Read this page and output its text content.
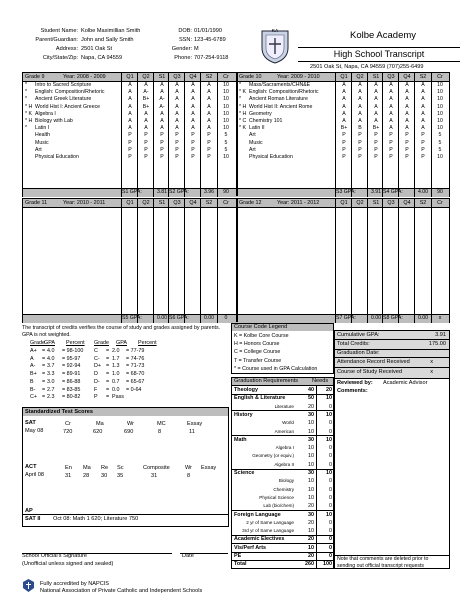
Student Name: Kolbe Maximillian Smith
Parent/Guardian: John and Sally Smith
Address: 2501 Oak St
City/State/Zip: Napa, CA 94559
DOB: 01/01/1990
SSN: 123-45-6789
Gender: M
Phone: 707-254-9118
KA	Kolbe Academy
High School Transcript
2501 Oak St, Napa, CA 94559 (707)255-6499
Grade 9	Year: 2008 - 2009	Q1	Q2	S1	Q3	Q4	S2	Cr
* Intro to Sacred Scripture	A	A	A	A	A	A	10
* English: Composition/Rhetoric	A	A-	A	A	A	A	10
* Ancient Greek Literature	A	B+	A-	A	A	A	10
* H World Hist I: Ancient Greece	A	B+	A-	A	A	A	10
* K Algebra I	A	A	A	A	A	A	10
* H Biology with Lab	A	A	A	A	A	A	10
* Latin I	A	A	A	A	A	A	10
Health	P	P	P	P	P	P	5
Music	P	P	P	P	P	P	5
Art	P	P	P	P	P	P	5
Physical Education	P	P	P	P	P	P	10
S1 GPA:	3.81 S2 GPA:	3.96	90
Grade 10	Year: 2009 - 2010	Q1	Q2	S1	Q3	Q4	S2	Cr
* Mass/Sacraments/CHN&E	A	A	A	A	A	A	10
* K English: Composition/Rhetoric	A	A	A	A	A	A	10
* Ancient Roman Literature	A	A	A	A	A	A	10
* H World Hist II: Ancient Rome	A	A	A	A	A	A	10
* H Geometry	A	A	A	A	A	A	10
* C Chemistry 101	A	A	A	A	A	A	10
* K Latin II	B+	B	B+	A	A	A	10
Art	P	P	P	P	P	P	5
Music	P	P	P	P	P	P	5
Art	P	P	P	P	P	P	5
Physical Education	P	P	P	P	P	P	10
S3 GPA:	3.91 S4 GPA:	4.00	90
Grade 11	Year: 2010 - 2011	Q1	Q2	S1	Q3	Q4	S2	Cr
S5 GPA:	0.00 S6 GPA:	0.00	0
Grade 12	Year: 2011 - 2012	Q1	Q2	S1	Q3	Q4	S2	Cr
S7 GPA:	0.00 S8 GPA:	0.00	x
The transcript of credits verifies the course of study and grades assigned by parents. GPA is not weighted.
Grade GPA Percent Grade GPA Percent
A+ = 4.0 = 98-100 C = 2.0 = 77-79
A = 4.0 = 95-97	C- = 1.7 = 74-76
A- = 3.7 = 92-94	D+ = 1.3 = 71-73
B+ = 3.3 = 89-91	D = 1.0 = 68-70
B = 3.0 = 86-88	D- = 0.7 = 65-67
B- = 2.7 = 83-85	F = 0.0 = 0-64
C+ = 2.3 = 80-82	P = Pass
Standardized Test Scores
SAT	Cr	Ma	Wr	MC	Essay
May 08	720	620	690	8	11
ACT	En Ma Re Sc	Composite	Wr Essay
April 08	31 28 30 35	31	8
AP
SAT II Oct 08: Math 1 620; Literature 750
School Official's Signature	Date
(Unofficial unless signed and sealed)
Fully accredited by NAPCIS
National Association of Private Catholic and Independent Schools
Course Code Legend
K = Kolbe Core Course
H = Honors Course
C = College Course
T = Transfer Course
* = Course used in GPA Calculation
Graduation Requirements Needs
Theology	40	20
English & Literature	50	10
Literature	20	0
History	30	10
World	10	0
American	10	0
Math	30	10
Algebra I	10	0
Geometry (or equiv.)	10	0
Algebra II	10	0
Science	30	10
Biology	10	0
Chemistry	10	0
Physical Science	10	0
Lab (bio/chem)	20	0
Foreign Language	30	10
2 yr of Same Language	20	0
3rd yr of Same Language	10	0
Academic Electives	20	0
Vis/Perf Arts	10	0
PE	20	0
Total	260	100
Cumulative GPA:	3.91
Total Credits:	175.00
Graduation Date:
Attendance Record Received	x
Course of Study Received	x
Reviewed by: Academic Advisor
Comments:
Note that comments are deleted prior to sending out official transcript requests
